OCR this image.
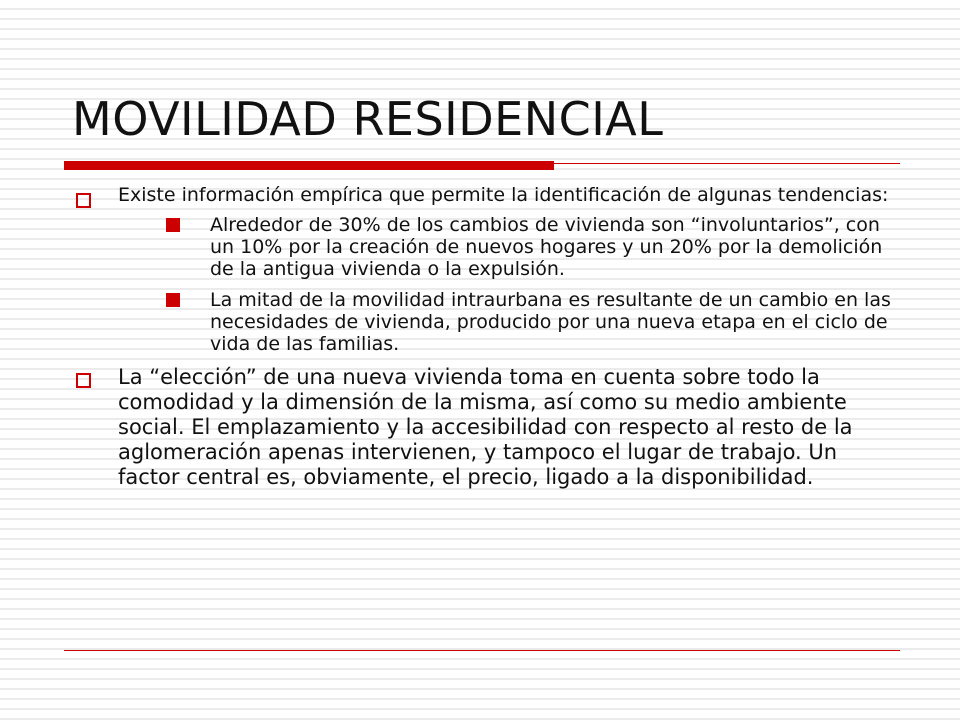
MOVILIDAD RESIDENCIAL
Existe información empírica que permite la identificación de algunas tendencias:
Alrededor de 30% de los cambios de vivienda son “involuntarios”, con un 10% por la creación de nuevos hogares y un 20% por la demolición de la antigua vivienda o la expulsión.
La mitad de la movilidad intraurbana es resultante de un cambio en las necesidades de vivienda, producido por una nueva etapa en el ciclo de vida de las familias.
La “elección” de una nueva vivienda toma en cuenta sobre todo la comodidad y la dimensión de la misma, así como su medio ambiente social. El emplazamiento y la accesibilidad con respecto al resto de la aglomeración apenas intervienen, y tampoco el lugar de trabajo. Un factor central es, obviamente, el precio, ligado a la disponibilidad.
